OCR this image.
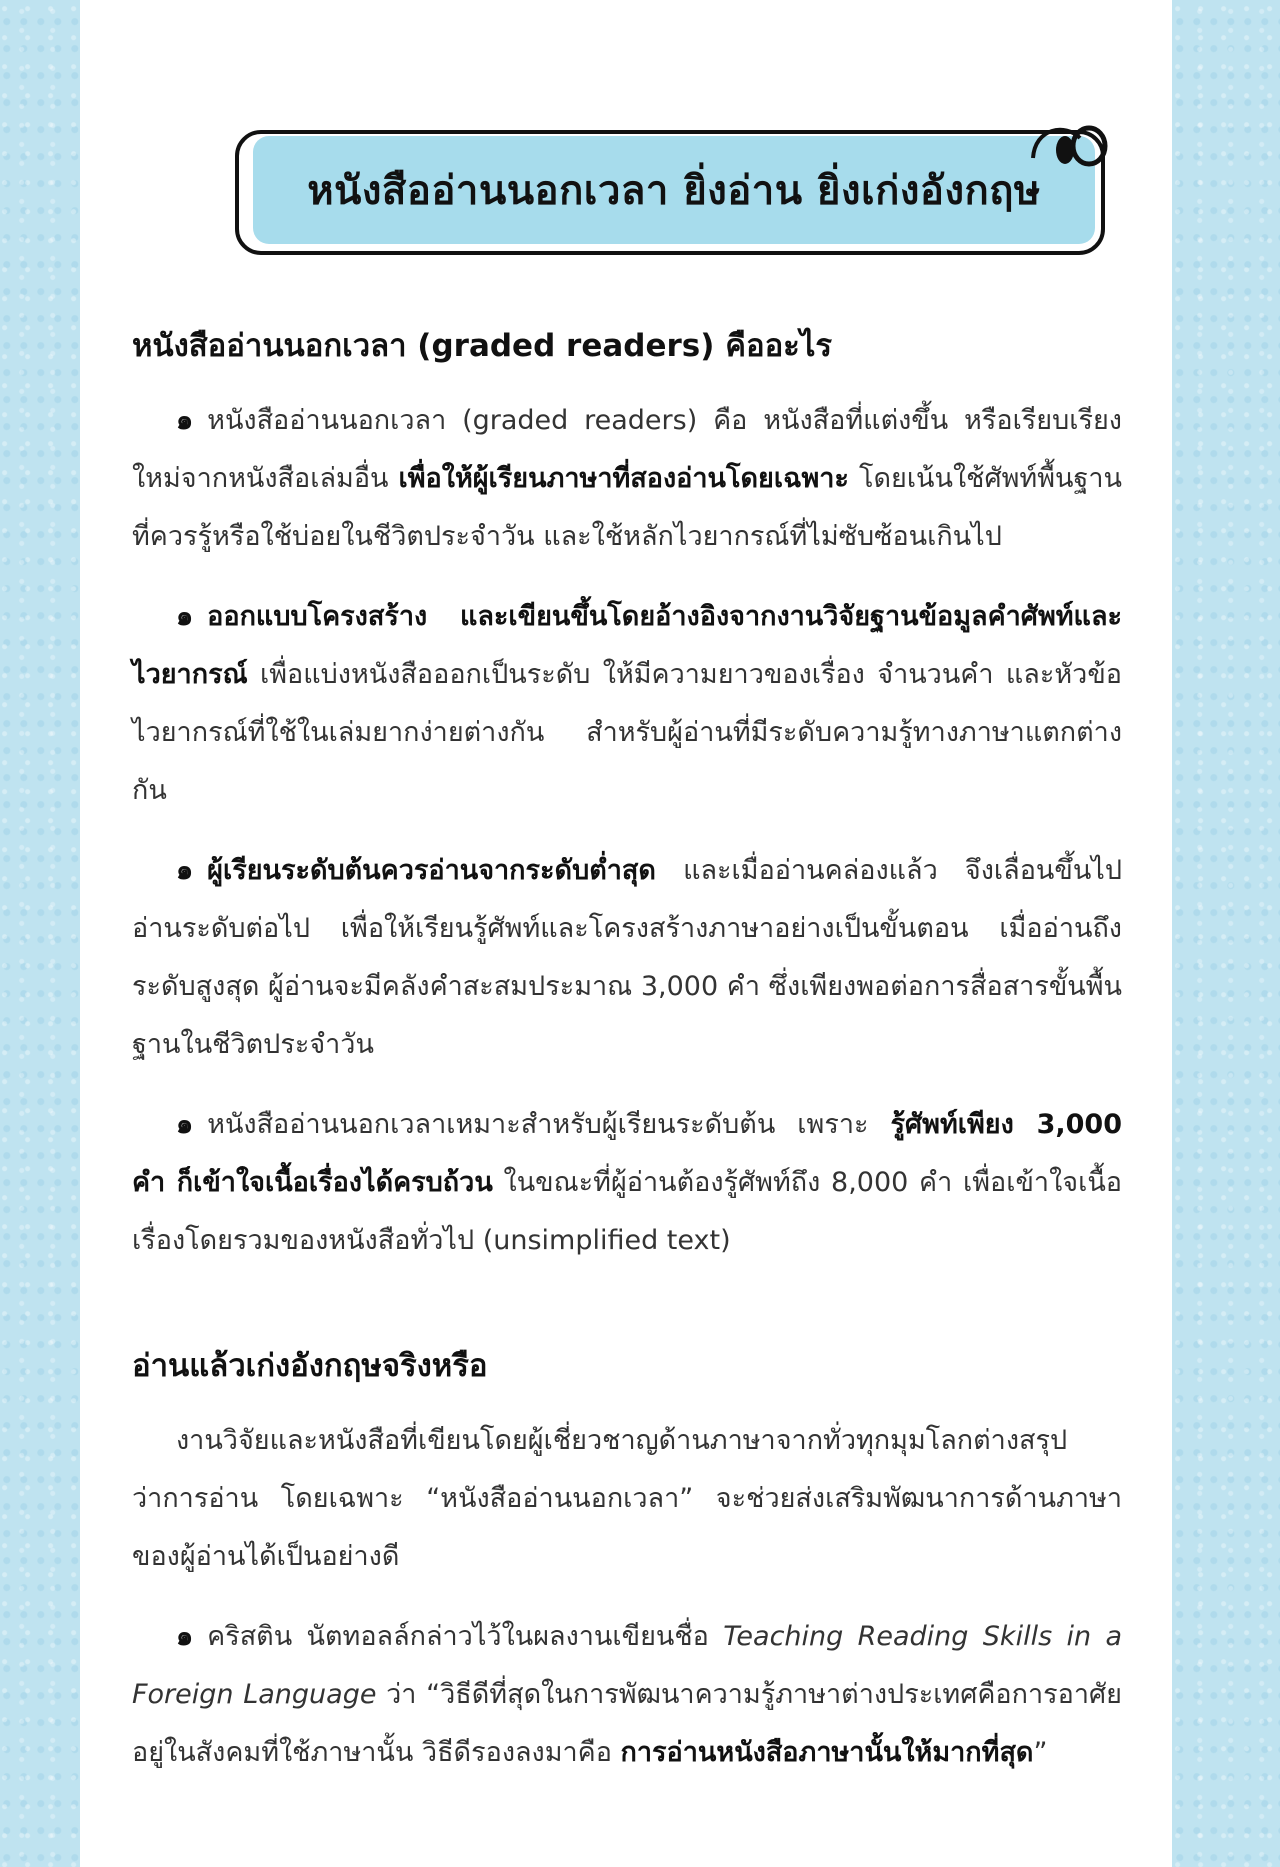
หนังสืออ่านนอกเวลา ยิ่งอ่าน ยิ่งเก่งอังกฤษ
หนังสืออ่านนอกเวลา (graded readers) คืออะไร

๑ หนังสืออ่านนอกเวลา (graded readers) คือ หนังสือที่แต่งขึ้น หรือเรียบเรียงใหม่จากหนังสือเล่มอื่น เพื่อให้ผู้เรียนภาษาที่สองอ่านโดยเฉพาะ โดยเน้นใช้ศัพท์พื้นฐานที่ควรรู้หรือใช้บ่อยในชีวิตประจำวัน และใช้หลักไวยากรณ์ที่ไม่ซับซ้อนเกินไป

๑ ออกแบบโครงสร้าง และเขียนขึ้นโดยอ้างอิงจากงานวิจัยฐานข้อมูลคำศัพท์และไวยากรณ์ เพื่อแบ่งหนังสือออกเป็นระดับ ให้มีความยาวของเรื่อง จำนวนคำ และหัวข้อไวยากรณ์ที่ใช้ในเล่มยากง่ายต่างกัน สำหรับผู้อ่านที่มีระดับความรู้ทางภาษาแตกต่างกัน

๑ ผู้เรียนระดับต้นควรอ่านจากระดับต่ำสุด และเมื่ออ่านคล่องแล้ว จึงเลื่อนขึ้นไปอ่านระดับต่อไป เพื่อให้เรียนรู้ศัพท์และโครงสร้างภาษาอย่างเป็นขั้นตอน เมื่ออ่านถึงระดับสูงสุด ผู้อ่านจะมีคลังคำสะสมประมาณ 3,000 คำ ซึ่งเพียงพอต่อการสื่อสารขั้นพื้นฐานในชีวิตประจำวัน

๑ หนังสืออ่านนอกเวลาเหมาะสำหรับผู้เรียนระดับต้น เพราะ รู้ศัพท์เพียง 3,000 คำ ก็เข้าใจเนื้อเรื่องได้ครบถ้วน ในขณะที่ผู้อ่านต้องรู้ศัพท์ถึง 8,000 คำ เพื่อเข้าใจเนื้อเรื่องโดยรวมของหนังสือทั่วไป (unsimplified text)

อ่านแล้วเก่งอังกฤษจริงหรือ

งานวิจัยและหนังสือที่เขียนโดยผู้เชี่ยวชาญด้านภาษาจากทั่วทุกมุมโลกต่างสรุปว่าการอ่าน โดยเฉพาะ “หนังสืออ่านนอกเวลา” จะช่วยส่งเสริมพัฒนาการด้านภาษาของผู้อ่านได้เป็นอย่างดี

๑ คริสติน นัตทอลล์กล่าวไว้ในผลงานเขียนชื่อ Teaching Reading Skills in a Foreign Language ว่า “วิธีดีที่สุดในการพัฒนาความรู้ภาษาต่างประเทศคือการอาศัยอยู่ในสังคมที่ใช้ภาษานั้น วิธีดีรองลงมาคือ การอ่านหนังสือภาษานั้นให้มากที่สุด”
